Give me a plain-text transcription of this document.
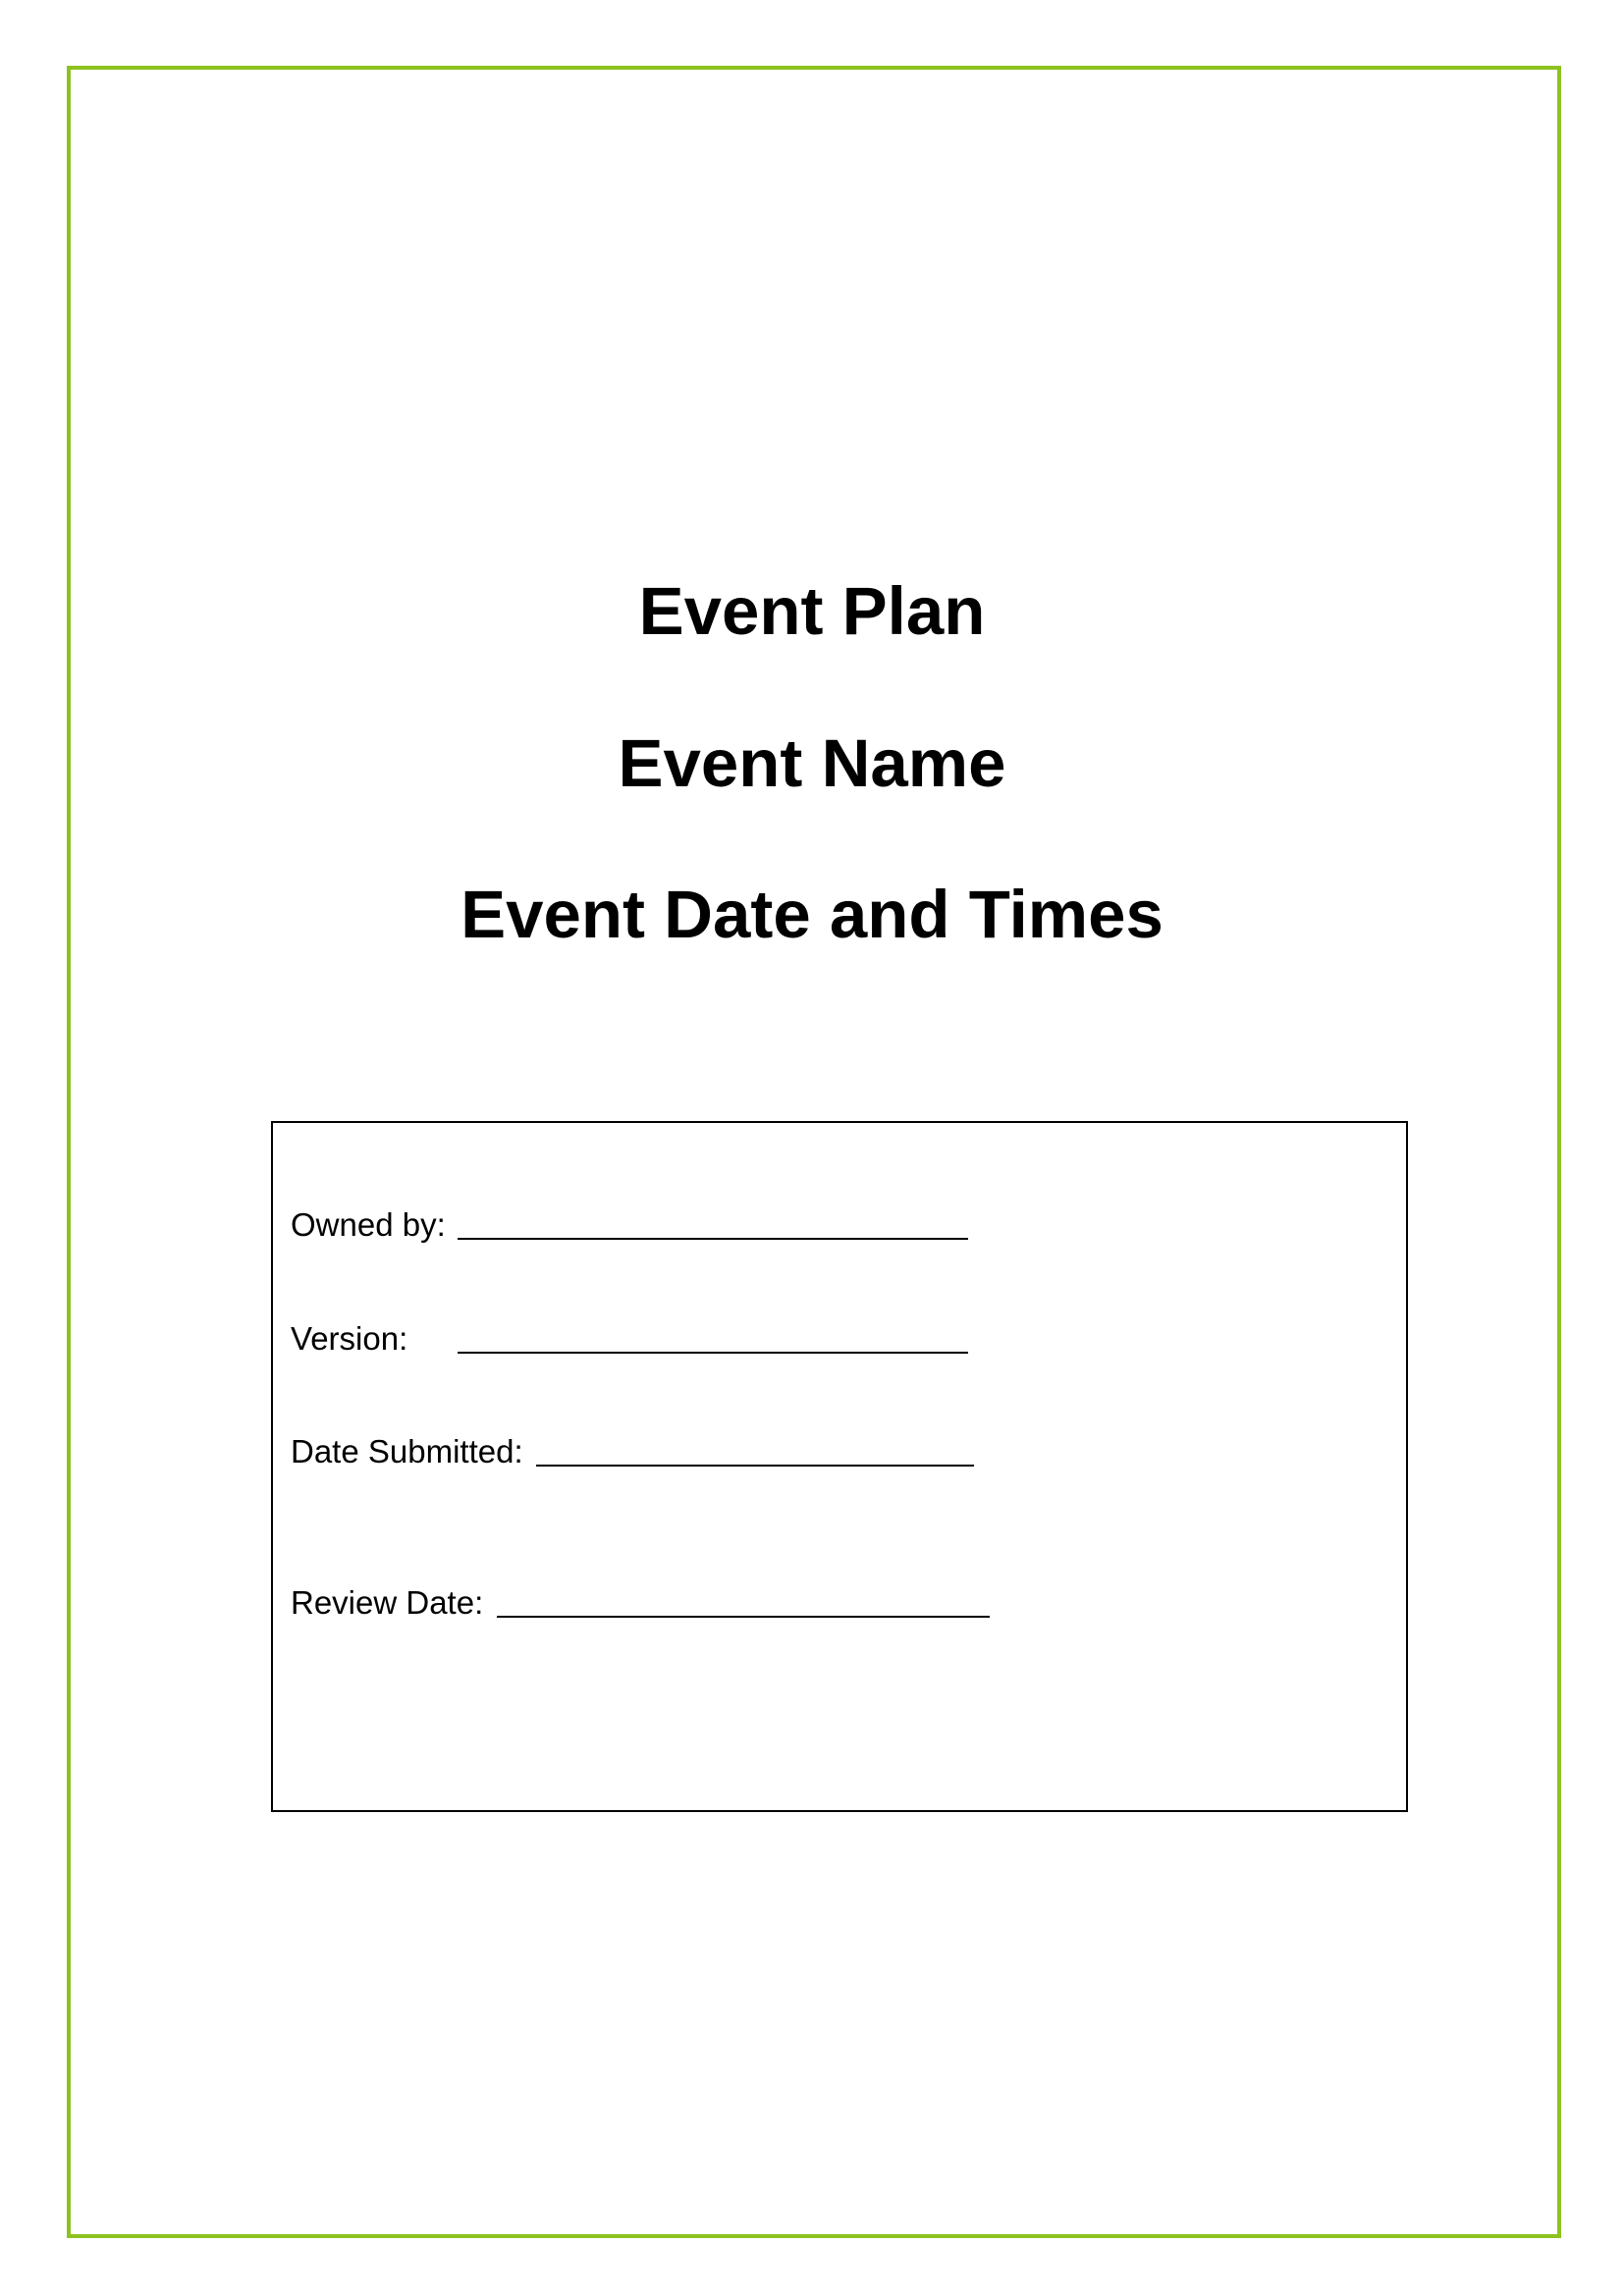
Event Plan
Event Name
Event Date and Times
Owned by:
Version:
Date Submitted:
Review Date:
